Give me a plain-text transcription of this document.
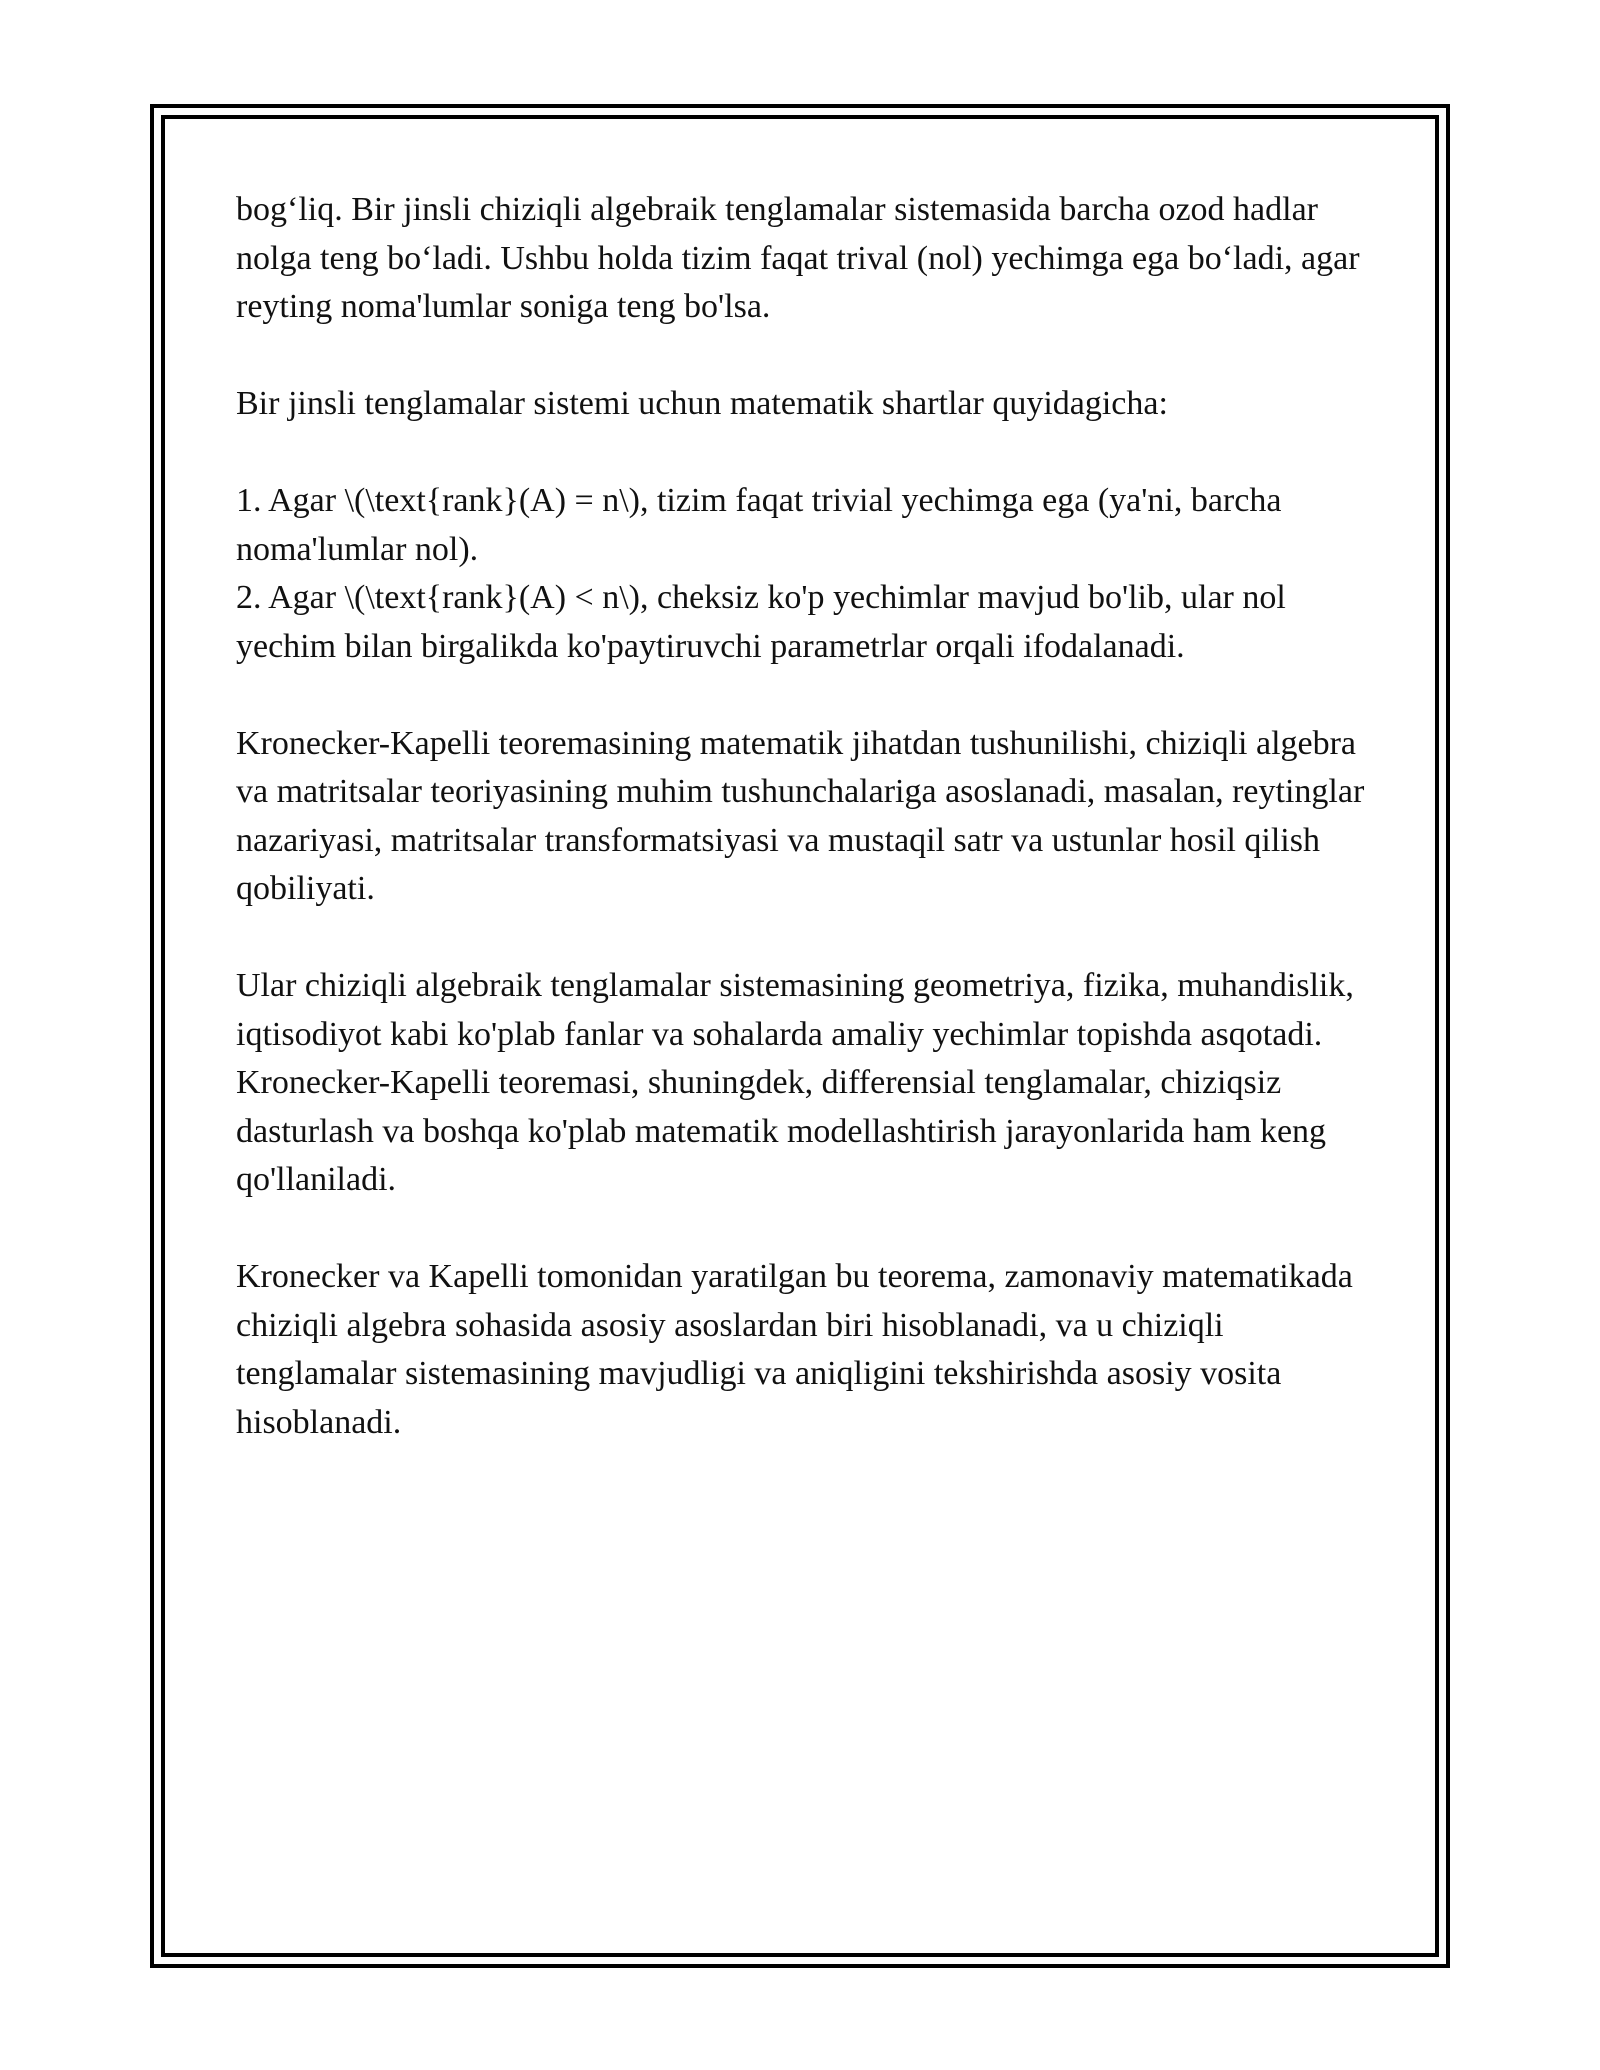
bog‘liq. Bir jinsli chiziqli algebraik tenglamalar sistemasida barcha ozod hadlar nolga teng bo‘ladi. Ushbu holda tizim faqat trival (nol) yechimga ega bo‘ladi, agar reyting noma'lumlar soniga teng bo'lsa.

Bir jinsli tenglamalar sistemi uchun matematik shartlar quyidagicha:

1. Agar \(\text{rank}(A) = n\), tizim faqat trivial yechimga ega (ya'ni, barcha noma'lumlar nol).

2. Agar \(\text{rank}(A) < n\), cheksiz ko'p yechimlar mavjud bo'lib, ular nol yechim bilan birgalikda ko'paytiruvchi parametrlar orqali ifodalanadi.

Kronecker-Kapelli teoremasining matematik jihatdan tushunilishi, chiziqli algebra va matritsalar teoriyasining muhim tushunchalariga asoslanadi, masalan, reytinglar nazariyasi, matritsalar transformatsiyasi va mustaqil satr va ustunlar hosil qilish qobiliyati.

Ular chiziqli algebraik tenglamalar sistemasining geometriya, fizika, muhandislik, iqtisodiyot kabi ko'plab fanlar va sohalarda amaliy yechimlar topishda asqotadi. Kronecker-Kapelli teoremasi, shuningdek, differensial tenglamalar, chiziqsiz dasturlash va boshqa ko'plab matematik modellashtirish jarayonlarida ham keng qo'llaniladi.

Kronecker va Kapelli tomonidan yaratilgan bu teorema, zamonaviy matematikada chiziqli algebra sohasida asosiy asoslardan biri hisoblanadi, va u chiziqli tenglamalar sistemasining mavjudligi va aniqligini tekshirishda asosiy vosita hisoblanadi.
